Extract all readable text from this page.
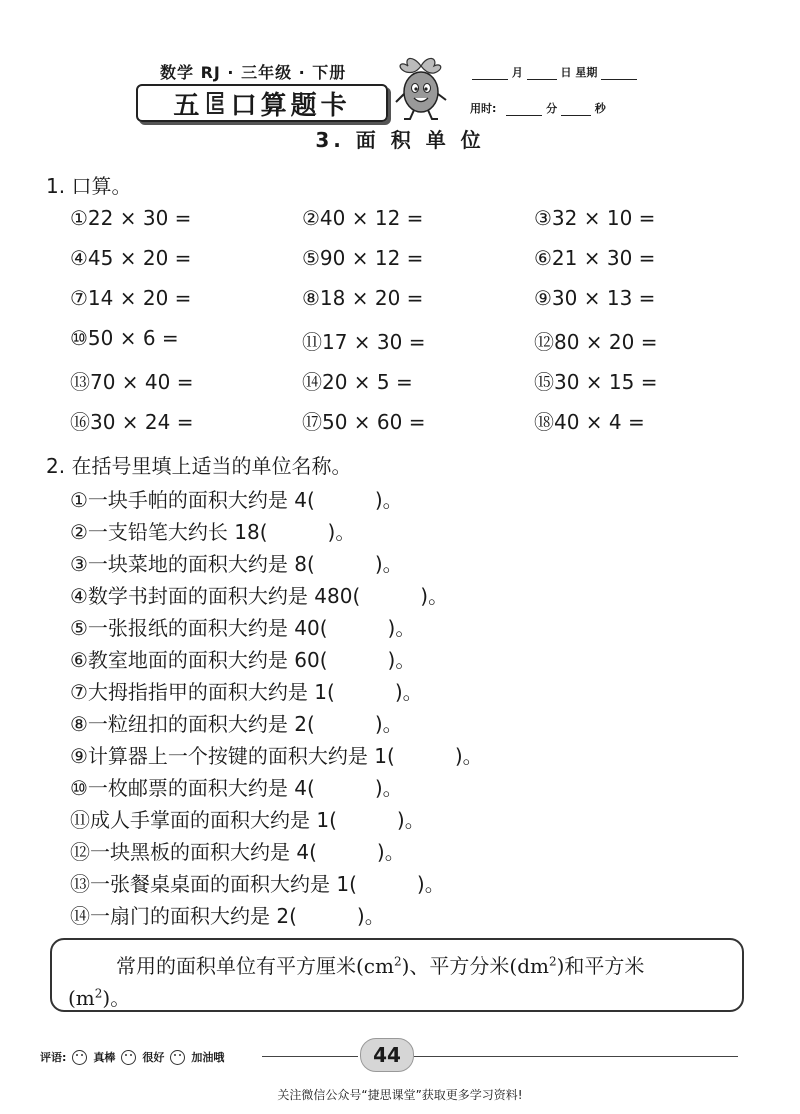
数学 RJ · 三年级 · 下册
五 E 口算题卡
月	日 星期
用时:	分	秒
3. 面 积 单 位
1. 口算。
①22 × 30 =	②40 × 12 =	③32 × 10 =
④45 × 20 =	⑤90 × 12 =	⑥21 × 30 =
⑦14 × 20 =	⑧18 × 20 =	⑨30 × 13 =
⑩50 × 6 =	⑪17 × 30 =	⑫80 × 20 =
⑬70 × 40 =	⑭20 × 5 =	⑮30 × 15 =
⑯30 × 24 =	⑰50 × 60 =	⑱40 × 4 =
2. 在括号里填上适当的单位名称。
①一块手帕的面积大约是 4(	)。
②一支铅笔大约长 18(	)。
③一块菜地的面积大约是 8(	)。
④数学书封面的面积大约是 480(	)。
⑤一张报纸的面积大约是 40(	)。
⑥教室地面的面积大约是 60(	)。
⑦大拇指指甲的面积大约是 1(	)。
⑧一粒纽扣的面积大约是 2(	)。
⑨计算器上一个按键的面积大约是 1(	)。
⑩一枚邮票的面积大约是 4(	)。
⑪成人手掌面的面积大约是 1(	)。
⑫一块黑板的面积大约是 4(	)。
⑬一张餐桌桌面的面积大约是 1(	)。
⑭一扇门的面积大约是 2(	)。
常用的面积单位有平方厘米$(cm^2)$、平方分米$(dm^2)$和平方米
$(m^2)$。
评语: 真棒 很好 加油哦	44
关注微信公众号“捷思课堂”获取更多学习资料!
